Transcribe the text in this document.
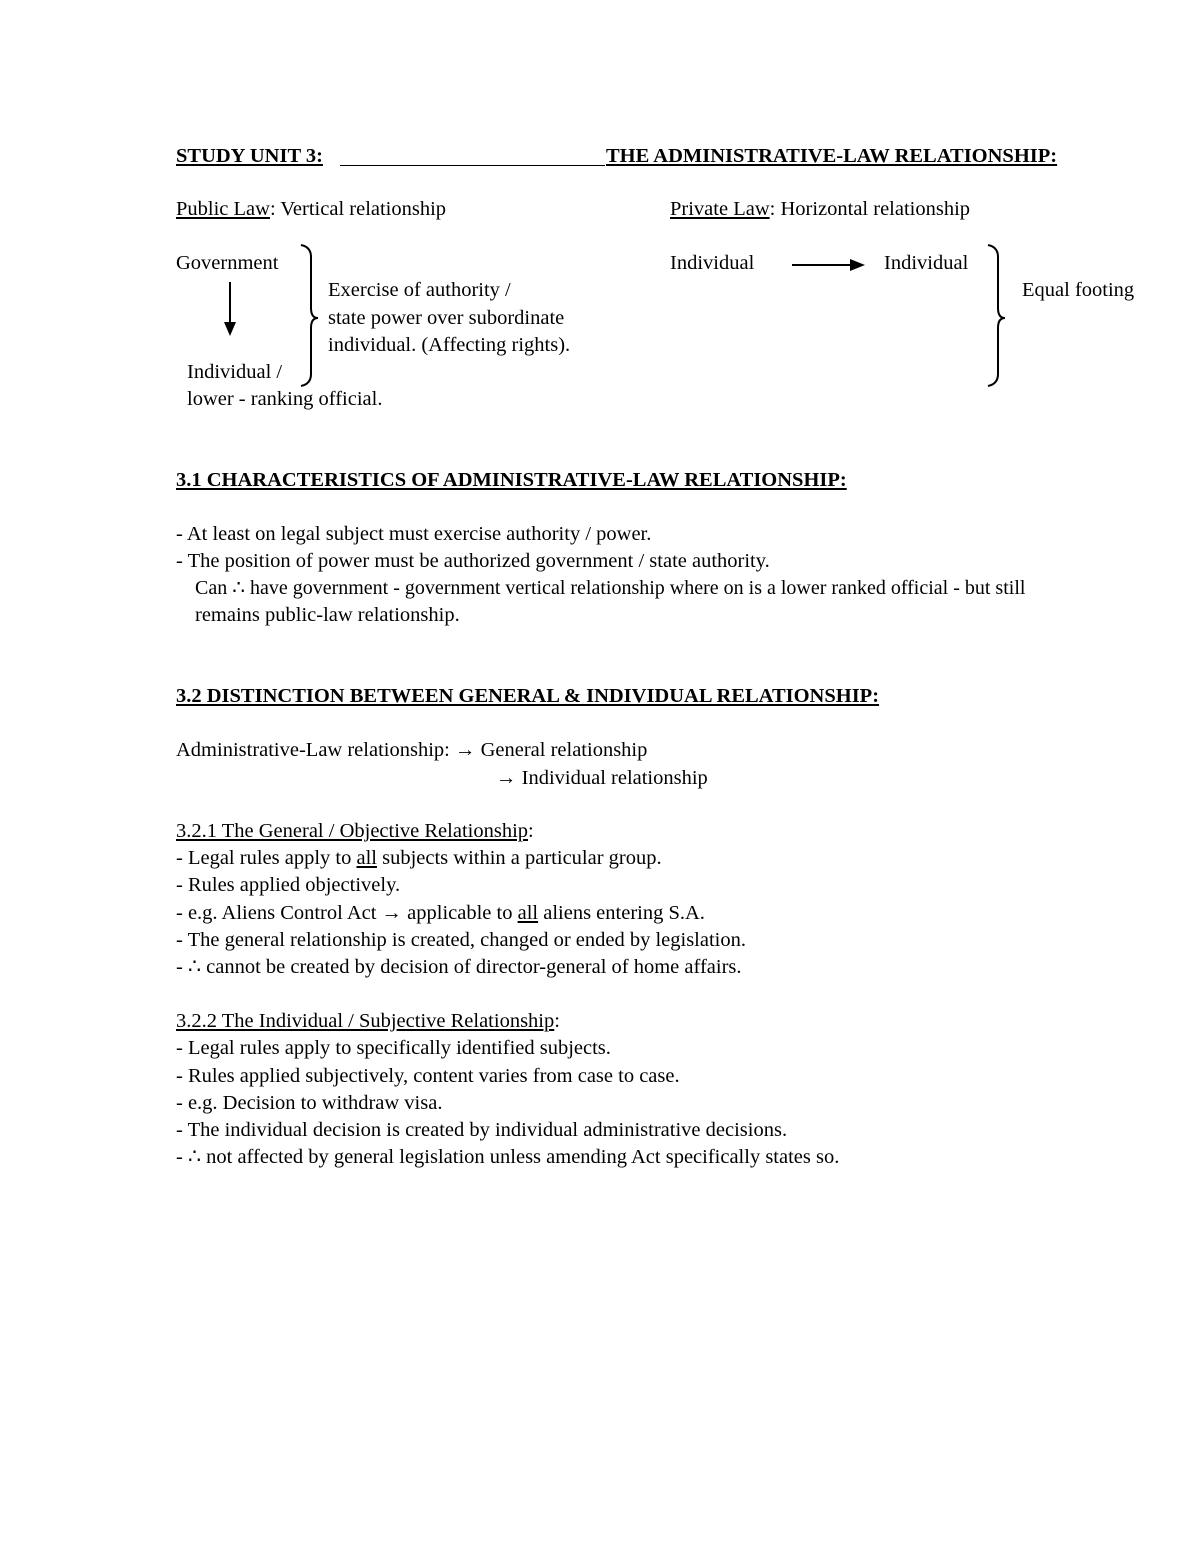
STUDY UNIT 3:	THE ADMINISTRATIVE-LAW RELATIONSHIP:
Public Law: Vertical relationship
Government
Exercise of authority /
state power over subordinate
individual. (Affecting rights).
Individual /
lower - ranking official.
Private Law: Horizontal relationship
Individual	Individual
Equal footing
3.1 CHARACTERISTICS OF ADMINISTRATIVE-LAW RELATIONSHIP:
- At least on legal subject must exercise authority / power.
- The position of power must be authorized government / state authority.
Can ∴ have government - government vertical relationship where on is a lower ranked official - but still
remains public-law relationship.
3.2 DISTINCTION BETWEEN GENERAL & INDIVIDUAL RELATIONSHIP:
Administrative-Law relationship: → General relationship
→ Individual relationship
3.2.1 The General / Objective Relationship:
- Legal rules apply to all subjects within a particular group.
- Rules applied objectively.
- e.g. Aliens Control Act → applicable to all aliens entering S.A.
- The general relationship is created, changed or ended by legislation.
- ∴ cannot be created by decision of director-general of home affairs.
3.2.2 The Individual / Subjective Relationship:
- Legal rules apply to specifically identified subjects.
- Rules applied subjectively, content varies from case to case.
- e.g. Decision to withdraw visa.
- The individual decision is created by individual administrative decisions.
- ∴ not affected by general legislation unless amending Act specifically states so.
